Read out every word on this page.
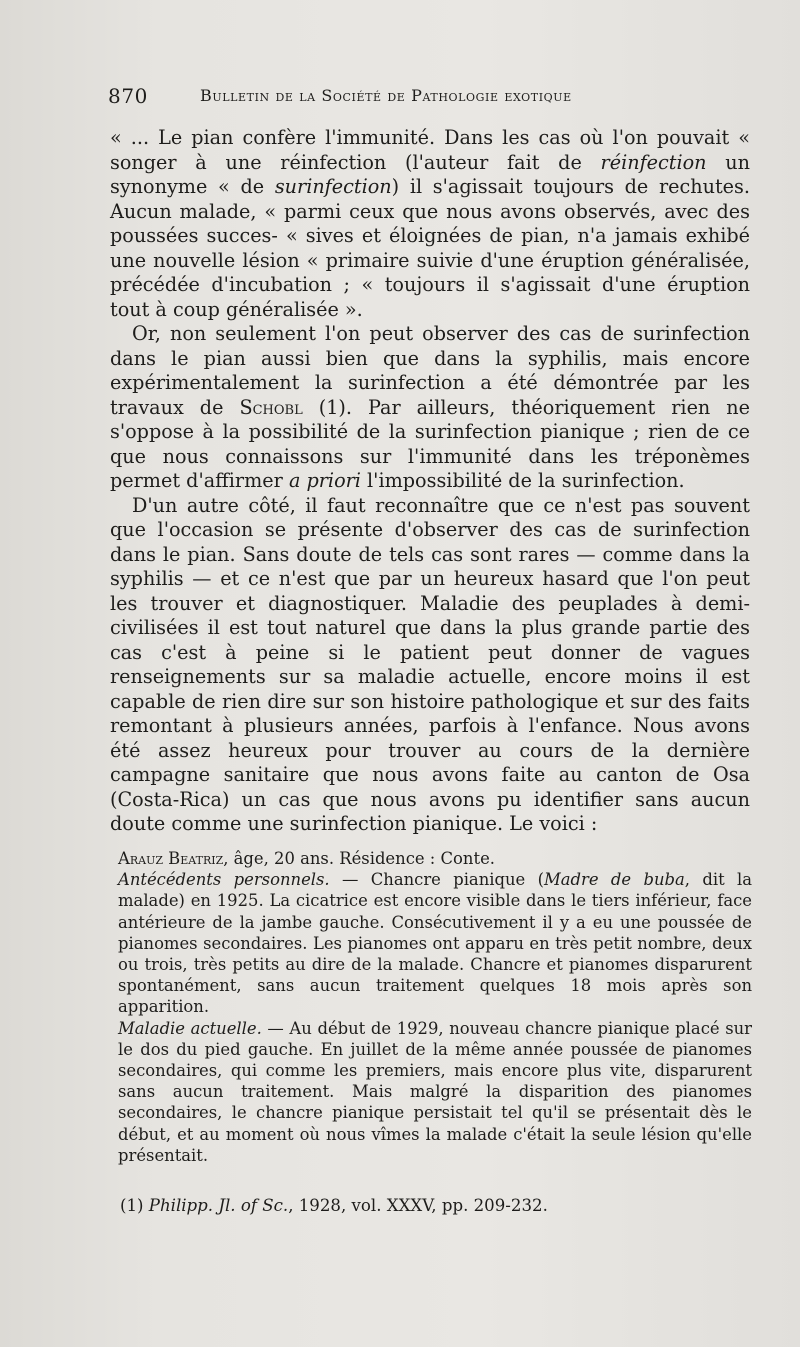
870	Bulletin de la Société de Pathologie exotique

« ... Le pian confère l'immunité. Dans les cas où l'on pouvait « songer à une réinfection (l'auteur fait de réinfection un synonyme « de surinfection) il s'agissait toujours de rechutes. Aucun malade, « parmi ceux que nous avons observés, avec des poussées succes- « sives et éloignées de pian, n'a jamais exhibé une nouvelle lésion « primaire suivie d'une éruption généralisée, précédée d'incubation ; « toujours il s'agissait d'une éruption tout à coup généralisée ».

Or, non seulement l'on peut observer des cas de surinfection dans le pian aussi bien que dans la syphilis, mais encore expérimentalement la surinfection a été démontrée par les travaux de Schobl (1). Par ailleurs, théoriquement rien ne s'oppose à la possibilité de la surinfection pianique ; rien de ce que nous connaissons sur l'immunité dans les tréponèmes permet d'affirmer a priori l'impossibilité de la surinfection.

D'un autre côté, il faut reconnaître que ce n'est pas souvent que l'occasion se présente d'observer des cas de surinfection dans le pian. Sans doute de tels cas sont rares — comme dans la syphilis — et ce n'est que par un heureux hasard que l'on peut les trouver et diagnostiquer. Maladie des peuplades à demi-civilisées il est tout naturel que dans la plus grande partie des cas c'est à peine si le patient peut donner de vagues renseignements sur sa maladie actuelle, encore moins il est capable de rien dire sur son histoire pathologique et sur des faits remontant à plusieurs années, parfois à l'enfance. Nous avons été assez heureux pour trouver au cours de la dernière campagne sanitaire que nous avons faite au canton de Osa (Costa-Rica) un cas que nous avons pu identifier sans aucun doute comme une surinfection pianique. Le voici :

Arauz Beatriz, âge, 20 ans. Résidence : Conte.

Antécédents personnels. — Chancre pianique (Madre de buba, dit la malade) en 1925. La cicatrice est encore visible dans le tiers inférieur, face antérieure de la jambe gauche. Consécutivement il y a eu une poussée de pianomes secondaires. Les pianomes ont apparu en très petit nombre, deux ou trois, très petits au dire de la malade. Chancre et pianomes disparurent spontanément, sans aucun traitement quelques 18 mois après son apparition.

Maladie actuelle. — Au début de 1929, nouveau chancre pianique placé sur le dos du pied gauche. En juillet de la même année poussée de pianomes secondaires, qui comme les premiers, mais encore plus vite, disparurent sans aucun traitement. Mais malgré la disparition des pianomes secondaires, le chancre pianique persistait tel qu'il se présentait dès le début, et au moment où nous vîmes la malade c'était la seule lésion qu'elle présentait.

(1) Philipp. Jl. of Sc., 1928, vol. XXXV, pp. 209-232.
